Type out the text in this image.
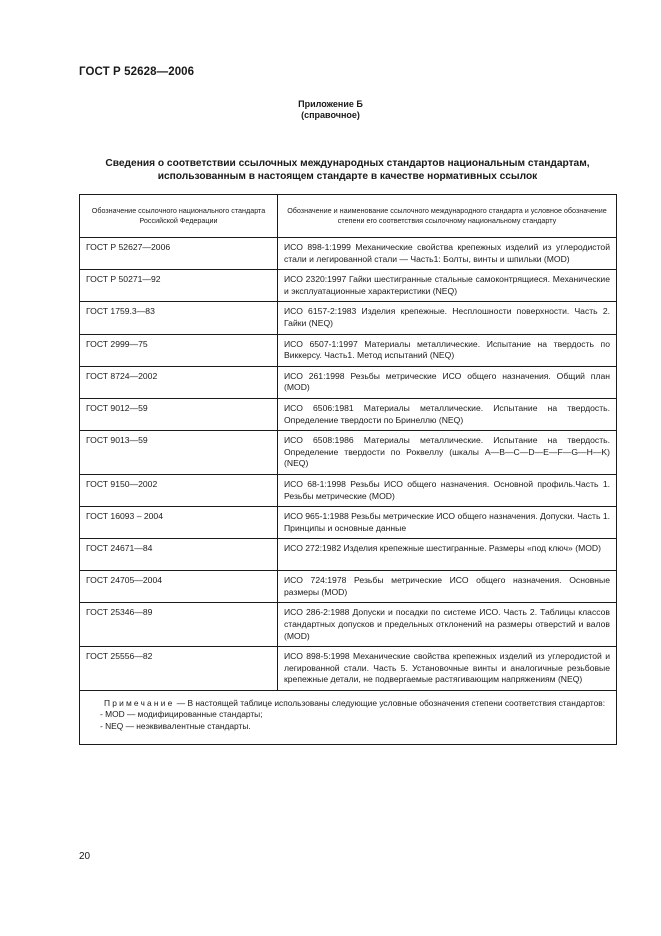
ГОСТ Р 52628—2006
Приложение Б
(справочное)
Сведения о соответствии ссылочных международных стандартов национальным стандартам, использованным в настоящем стандарте в качестве нормативных ссылок
Обозначение ссылочного национального стандарта Российской Федерации	Обозначение и наименование ссылочного международного стандарта и условное обозначение степени его соответствия ссылочному национальному стандарту
ГОСТ Р 52627—2006	ИСО 898-1:1999 Механические свойства крепежных изделий из углеродистой стали и легированной стали — Часть1: Болты, винты и шпильки (MOD)
ГОСТ Р 50271—92	ИСО 2320:1997 Гайки шестигранные стальные самоконтрящиеся. Механические и эксплуатационные характеристики (NEQ)
ГОСТ 1759.3—83	ИСО 6157-2:1983 Изделия крепежные. Несплошности поверхности. Часть 2. Гайки (NEQ)
ГОСТ 2999—75	ИСО 6507-1:1997 Материалы металлические. Испытание на твердость по Виккерсу. Часть1. Метод испытаний (NEQ)
ГОСТ 8724—2002	ИСО 261:1998 Резьбы метрические ИСО общего назначения. Общий план (MOD)
ГОСТ 9012—59	ИСО 6506:1981 Материалы металлические. Испытание на твердость. Определение твердости по Бринеллю (NEQ)
ГОСТ 9013—59	ИСО 6508:1986 Материалы металлические. Испытание на твердость. Определение твердости по Роквеллу (шкалы A—B—C—D—E—F—G—H—K) (NEQ)
ГОСТ 9150—2002	ИСО 68-1:1998 Резьбы ИСО общего назначения. Основной профиль.Часть 1. Резьбы метрические (MOD)
ГОСТ 16093 – 2004	ИСО 965-1:1988 Резьбы метрические ИСО общего назначения. Допуски. Часть 1. Принципы и основные данные
ГОСТ 24671—84	ИСО 272:1982 Изделия крепежные шестигранные. Размеры «под ключ» (MOD)
ГОСТ 24705—2004	ИСО 724:1978 Резьбы метрические ИСО общего назначения. Основные размеры (MOD)
ГОСТ 25346—89	ИСО 286-2:1988 Допуски и посадки по системе ИСО. Часть 2. Таблицы классов стандартных допусков и предельных отклонений на размеры отверстий и валов (MOD)
ГОСТ 25556—82	ИСО 898-5:1998 Механические свойства крепежных изделий из углеродистой и легированной стали. Часть 5. Установочные винты и аналогичные резьбовые крепежные детали, не подвергаемые растягивающим напряжениям (NEQ)

Примечание — В настоящей таблице использованы следующие условные обозначения степени соответствия стандартов:
- MOD — модифицированные стандарты;
- NEQ — неэквивалентные стандарты.	
20
